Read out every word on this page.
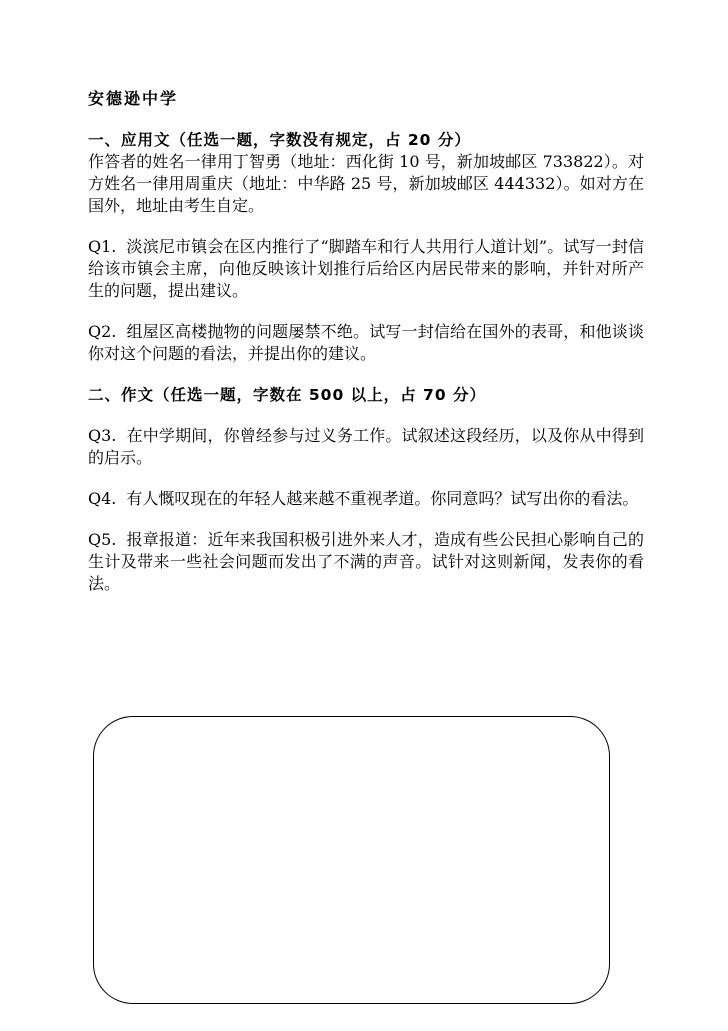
安德逊中学

一、应用文（任选一题，字数没有规定，占 20 分）

作答者的姓名一律用丁智勇（地址：西化街 10 号，新加坡邮区 733822）。对方姓名一律用周重庆（地址：中华路 25 号，新加坡邮区 444332）。如对方在国外，地址由考生自定。

Q1. 淡滨尼市镇会在区内推行了“脚踏车和行人共用行人道计划”。试写一封信给该市镇会主席，向他反映该计划推行后给区内居民带来的影响，并针对所产生的问题，提出建议。

Q2. 组屋区高楼抛物的问题屡禁不绝。试写一封信给在国外的表哥，和他谈谈你对这个问题的看法，并提出你的建议。

二、作文（任选一题，字数在 500 以上，占 70 分）

Q3. 在中学期间，你曾经参与过义务工作。试叙述这段经历，以及你从中得到的启示。

Q4. 有人慨叹现在的年轻人越来越不重视孝道。你同意吗？试写出你的看法。

Q5. 报章报道：近年来我国积极引进外来人才，造成有些公民担心影响自己的生计及带来一些社会问题而发出了不满的声音。试针对这则新闻，发表你的看法。
